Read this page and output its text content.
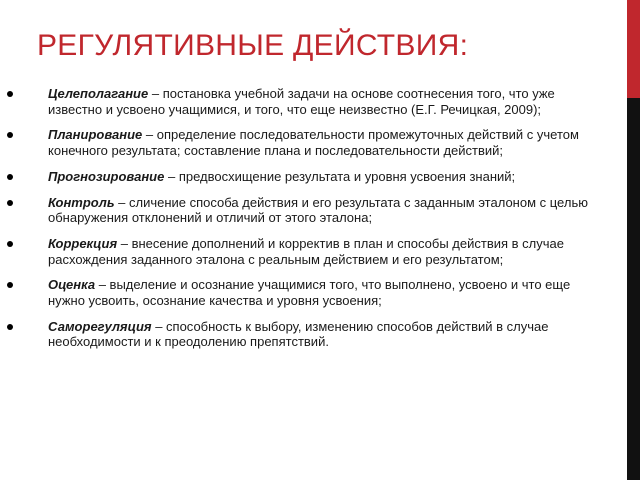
РЕГУЛЯТИВНЫЕ ДЕЙСТВИЯ:
Целеполагание – постановка учебной задачи на основе соотнесения того, что уже известно и усвоено учащимися, и того, что еще неизвестно (Е.Г. Речицкая, 2009);
Планирование – определение последовательности промежуточных действий с учетом конечного результата; составление плана и последовательности действий;
Прогнозирование – предвосхищение результата и уровня усвоения знаний;
Контроль – сличение способа действия и его результата с заданным эталоном с целью обнаружения отклонений и отличий от этого эталона;
Коррекция – внесение дополнений и корректив в план и способы действия в случае расхождения заданного эталона с реальным действием и его результатом;
Оценка – выделение и осознание учащимися того, что выполнено, усвоено и что еще нужно усвоить, осознание качества и уровня усвоения;
Саморегуляция – способность к выбору, изменению способов действий в случае необходимости и к преодолению препятствий.
